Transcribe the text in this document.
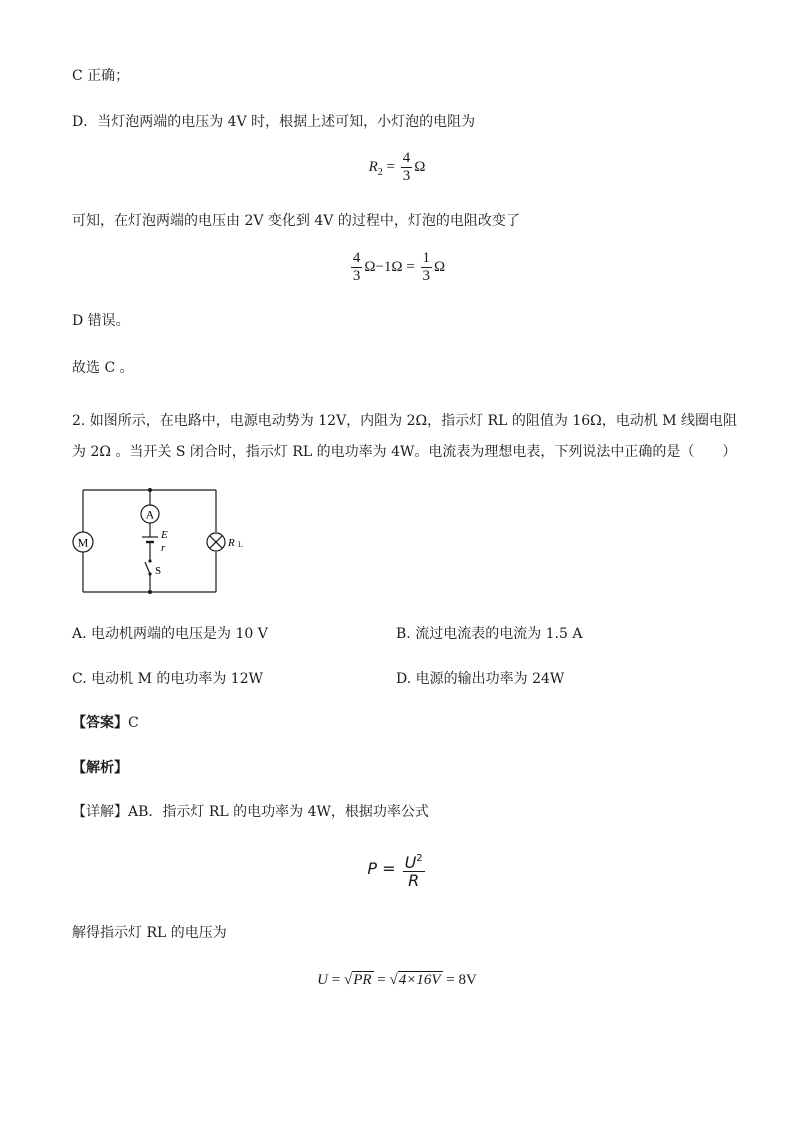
C 正确；
D．当灯泡两端的电压为 4V 时，根据上述可知，小灯泡的电阻为
$R_2 = \frac{4}{3}$ Ω
可知，在灯泡两端的电压由 2V 变化到 4V 的过程中，灯泡的电阻改变了
$\frac{4}{3} \Omega-1\Omega = \frac{1}{3}$ Ω
D 错误。
故选 C 。
2. 如图所示，在电路中，电源电动势为 12V，内阻为 2Ω，指示灯 RL 的阻值为 16Ω，电动机 M 线圈电阻
为 2Ω 。当开关 S 闭合时，指示灯 RL 的电功率为 4W。电流表为理想电表，下列说法中正确的是（　　）
M
A
E
r
S
R L
A. 电动机两端的电压是为 10 V	B. 流过电流表的电流为 1.5 A
C. 电动机 M 的电功率为 12W	D. 电源的输出功率为 24W
【答案】C
【解析】
【详解】AB．指示灯 RL 的电功率为 4W，根据功率公式
$P = \frac{U^2}{R}$
解得指示灯 RL 的电压为
U = √PR = √4×16V = 8V
